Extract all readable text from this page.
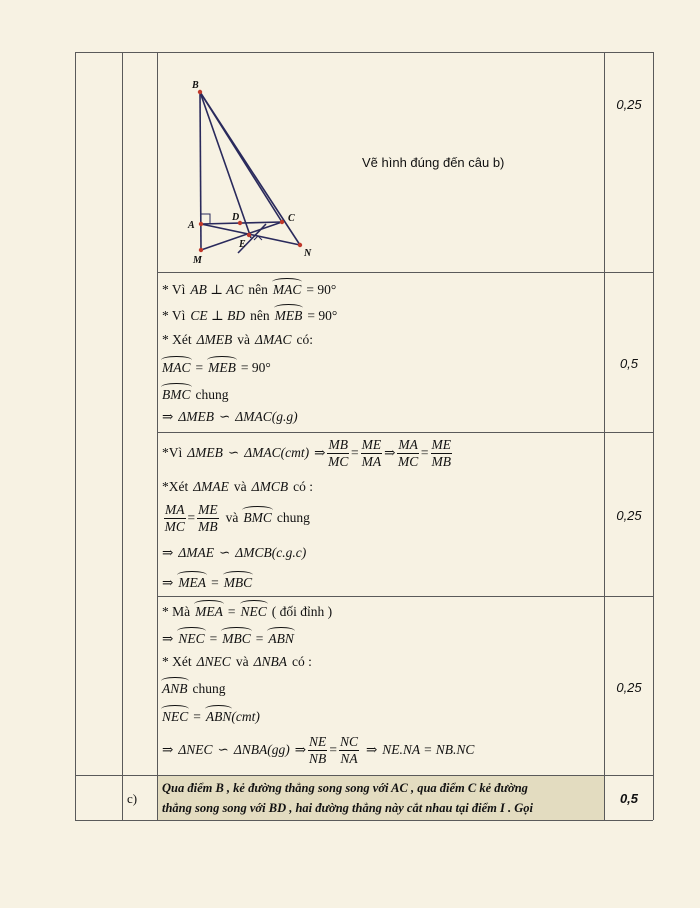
B
A
D	C
E
M
N
Vẽ hình đúng đến câu b)
0,25
* Vì AB ⊥ AC nên MAC = 90°
* Vì CE ⊥ BD nên MEB = 90°
* Xét ΔMEB và ΔMAC có:
MAC = MEB = 90°
BMC chung
⇒ ΔMEB ∽ ΔMAC(g.g)
0,5
*Vì ΔMEB ∽ ΔMAC(cmt) ⇒ $\frac{MB}{MC} = \frac{ME}{MA}$ ⇒ $\frac{MA}{MC} = \frac{ME}{MB}$
*Xét ΔMAE và ΔMCB có :
$\frac{MA}{MC} = \frac{ME}{MB}$ và BMC chung
⇒ ΔMAE ∽ ΔMCB(c.g.c)
⇒ MEA = MBC
0,25
* Mà MEA = NEC ( đối đỉnh )
⇒ NEC = MBC = ABN
* Xét ΔNEC và ΔNBA có :
ANB chung
NEC = ABN (cmt)
⇒ ΔNEC ∽ ΔNBA(gg) ⇒ $\frac{NE}{NB} = \frac{NC}{NA}$ ⇒ NE.NA = NB.NC
0,25
c)
Qua điểm B , kẻ đường thẳng song song với AC , qua điểm C kẻ đường
thẳng song song với BD , hai đường thẳng này cắt nhau tại điểm I . Gọi
0,5
